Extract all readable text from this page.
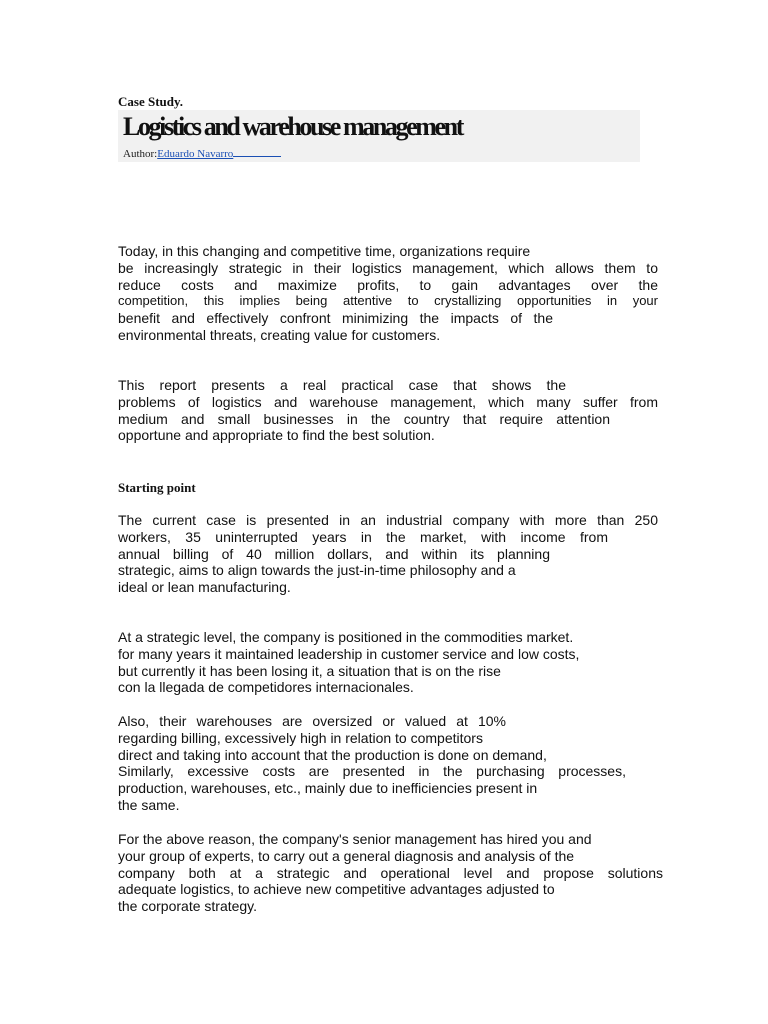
Case Study.
Logistics and warehouse management
Author:Eduardo Navarro
Today, in this changing and competitive time, organizations require
be increasingly strategic in their logistics management, which allows them to
reduce costs and maximize profits, to gain advantages over the
competition, this implies being attentive to crystallizing opportunities in your
benefit and effectively confront minimizing the impacts of the
environmental threats, creating value for customers.
This report presents a real practical case that shows the
problems of logistics and warehouse management, which many suffer from
medium and small businesses in the country that require attention
opportune and appropriate to find the best solution.
Starting point
The current case is presented in an industrial company with more than 250
workers, 35 uninterrupted years in the market, with income from
annual billing of 40 million dollars, and within its planning
strategic, aims to align towards the just-in-time philosophy and a
ideal or lean manufacturing.
At a strategic level, the company is positioned in the commodities market.
for many years it maintained leadership in customer service and low costs,
but currently it has been losing it, a situation that is on the rise
con la llegada de competidores internacionales.
Also, their warehouses are oversized or valued at 10%
regarding billing, excessively high in relation to competitors
direct and taking into account that the production is done on demand,
Similarly, excessive costs are presented in the purchasing processes,
production, warehouses, etc., mainly due to inefficiencies present in
the same.
For the above reason, the company's senior management has hired you and
your group of experts, to carry out a general diagnosis and analysis of the
company both at a strategic and operational level and propose solutions
adequate logistics, to achieve new competitive advantages adjusted to
the corporate strategy.
